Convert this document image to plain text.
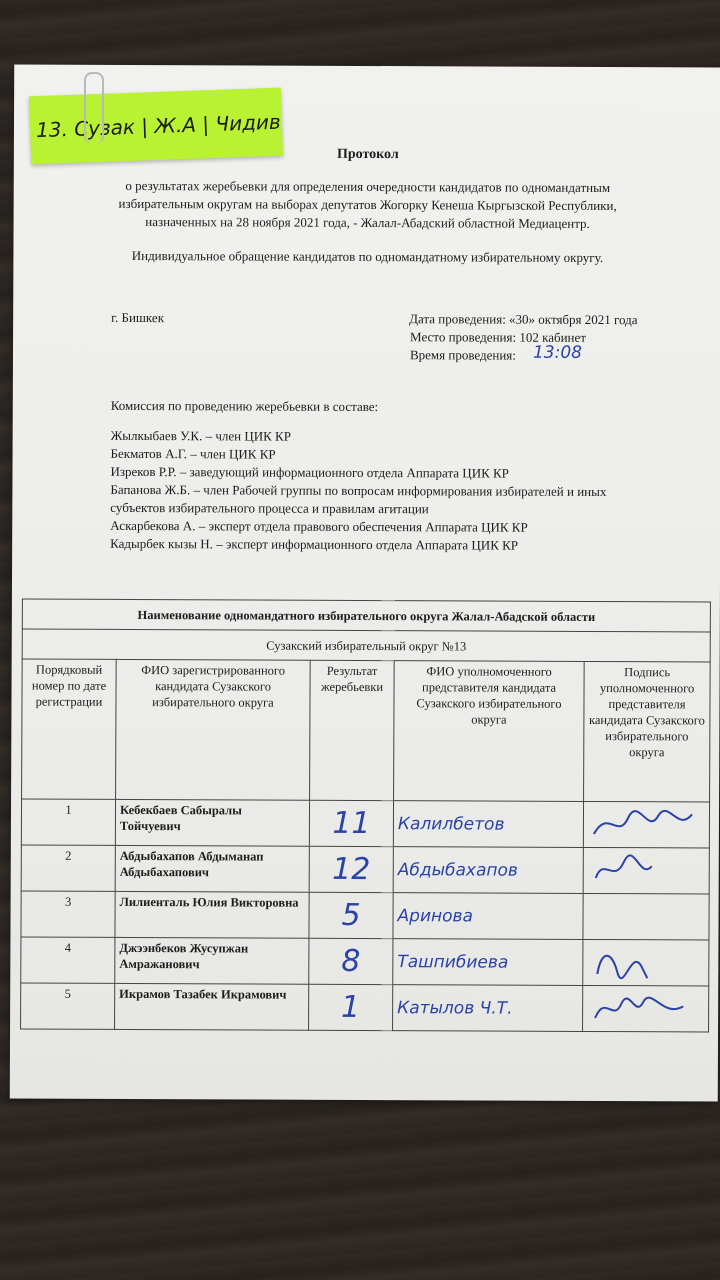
Протокол
о результатах жеребьевки для определения очередности кандидатов по одномандатным
избирательным округам на выборах депутатов Жогорку Кенеша Кыргызской Республики,
назначенных на 28 ноября 2021 года, - Жалал-Абадский областной Медиацентр.
Индивидуальное обращение кандидатов по одномандатному избирательному округу.
г. Бишкек	Дата проведения: «30» октября 2021 года
Место проведения: 102 кабинет
Время проведения: 13:08
Комиссия по проведению жеребьевки в составе:
Жылкыбаев У.К. – член ЦИК КР
Бекматов А.Г. – член ЦИК КР
Изреков Р.Р. – заведующий информационного отдела Аппарата ЦИК КР
Бапанова Ж.Б. – член Рабочей группы по вопросам информирования избирателей и иных
субъектов избирательного процесса и правилам агитации
Аскарбекова А. – эксперт отдела правового обеспечения Аппарата ЦИК КР
Кадырбек кызы Н. – эксперт информационного отдела Аппарата ЦИК КР
Наименование одномандатного избирательного округа Жалал-Абадской области				
Сузакский избирательный округ №13				
Порядковый номер по дате регистрации	ФИО зарегистрированного кандидата Сузакского избирательного округа	Результат жеребьевки	ФИО уполномоченного представителя кандидата Сузакского избирательного округа	Подпись уполномоченного представителя кандидата Сузакского избирательного округа
1	Кебекбаев Сабыралы Тойчуевич	11	Калилбетов	

2	Абдыбахапов Абдыманап Абдыбахапович	12	Абдыбахапов	

3	Лилиенталь Юлия Викторовна	5	Аринова	
4	Джээнбеков Жусупжан Амражанович	8	Ташпибиева	

5	Икрамов Тазабек Икрамович	1	Катылов Ч.Т.	
13. Сузак | Ж.А | Чидив
